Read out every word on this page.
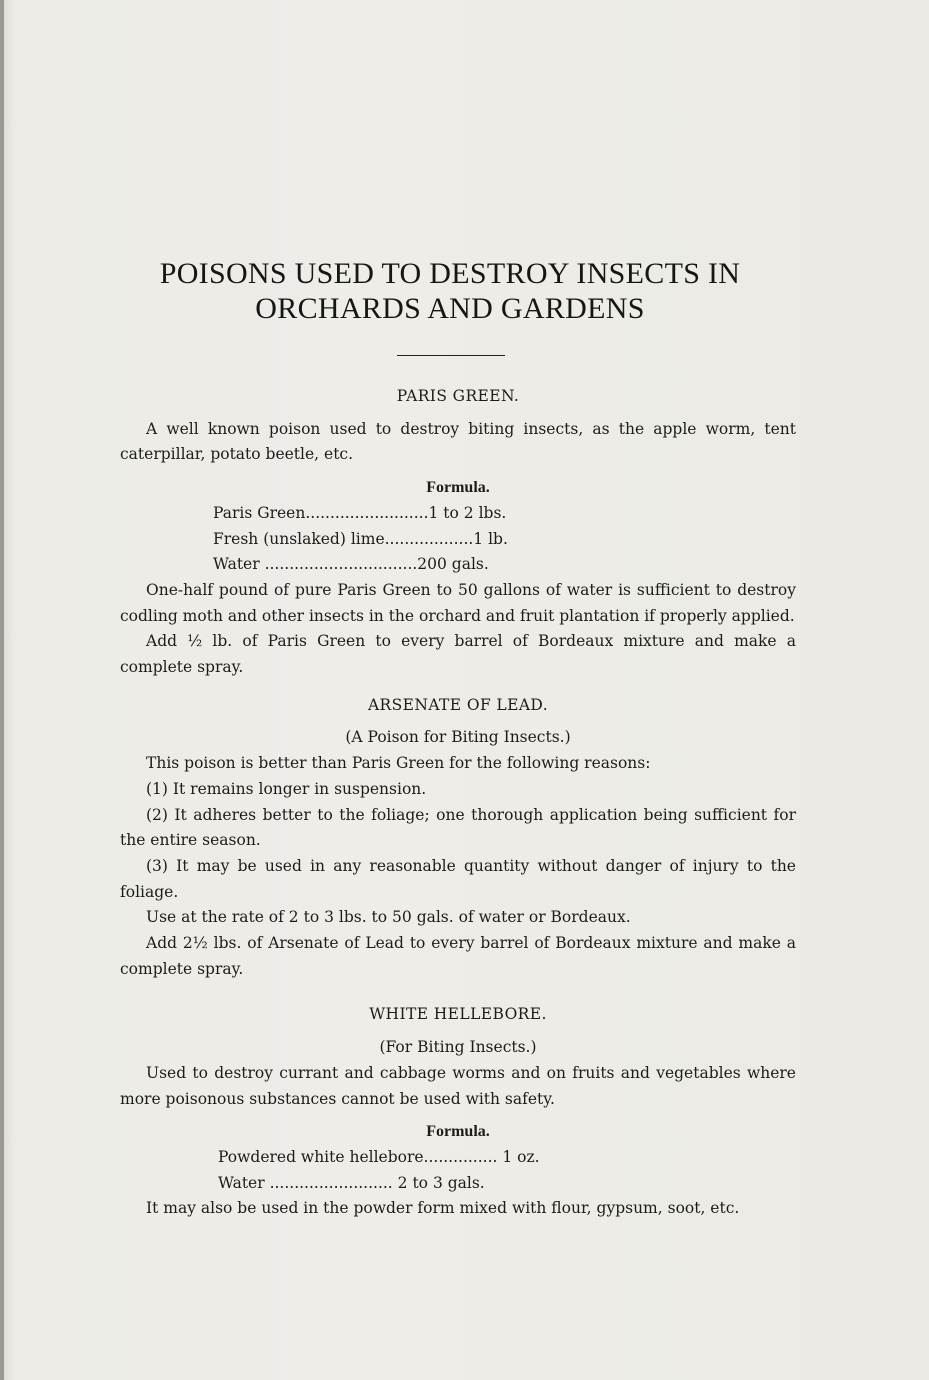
POISONS USED TO DESTROY INSECTS IN ORCHARDS AND GARDENS

PARIS GREEN.

A well known poison used to destroy biting insects, as the apple worm, tent caterpillar, potato beetle, etc.

Formula.

Paris Green.........................1 to 2 lbs.

Fresh (unslaked) lime..................1 lb.

Water ...............................200 gals.

One-half pound of pure Paris Green to 50 gallons of water is sufficient to destroy codling moth and other insects in the orchard and fruit plantation if properly applied.

Add ½ lb. of Paris Green to every barrel of Bordeaux mixture and make a complete spray.

ARSENATE OF LEAD.

(A Poison for Biting Insects.)

This poison is better than Paris Green for the following reasons:

(1) It remains longer in suspension.

(2) It adheres better to the foliage; one thorough application being sufficient for the entire season.

(3) It may be used in any reasonable quantity without danger of injury to the foliage.

Use at the rate of 2 to 3 lbs. to 50 gals. of water or Bordeaux.

Add 2½ lbs. of Arsenate of Lead to every barrel of Bordeaux mixture and make a complete spray.

WHITE HELLEBORE.

(For Biting Insects.)

Used to destroy currant and cabbage worms and on fruits and vegetables where more poisonous substances cannot be used with safety.

Formula.

Powdered white hellebore............... 1 oz.

Water ......................... 2 to 3 gals.

It may also be used in the powder form mixed with flour, gypsum, soot, etc.
